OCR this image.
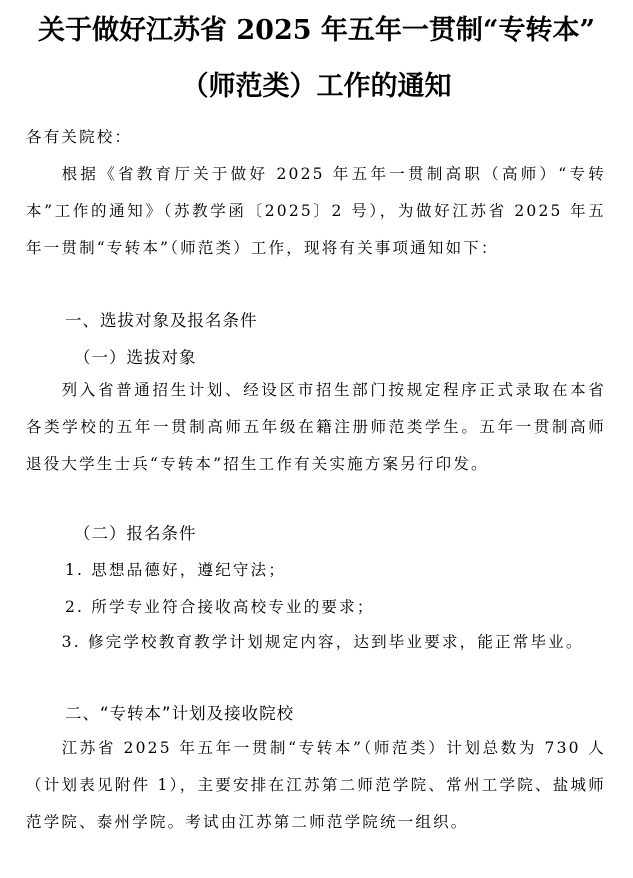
关于做好江苏省 2025 年五年一贯制“专转本”
（师范类）工作的通知

各有关院校：

根据《省教育厅关于做好 2025 年五年一贯制高职（高师）“专转本”工作的通知》（苏教学函〔2025〕2 号），为做好江苏省 2025 年五年一贯制“专转本”（师范类）工作，现将有关事项通知如下：

一、选拔对象及报名条件
（一）选拔对象

列入省普通招生计划、经设区市招生部门按规定程序正式录取在本省各类学校的五年一贯制高师五年级在籍注册师范类学生。五年一贯制高师退役大学生士兵“专转本”招生工作有关实施方案另行印发。

（二）报名条件
1. 思想品德好，遵纪守法；
2. 所学专业符合接收高校专业的要求；

3. 修完学校教育教学计划规定内容，达到毕业要求，能正常毕业。

二、“专转本”计划及接收院校

江苏省 2025 年五年一贯制“专转本”（师范类）计划总数为 730 人（计划表见附件 1），主要安排在江苏第二师范学院、常州工学院、盐城师范学院、泰州学院。考试由江苏第二师范学院统一组织。
